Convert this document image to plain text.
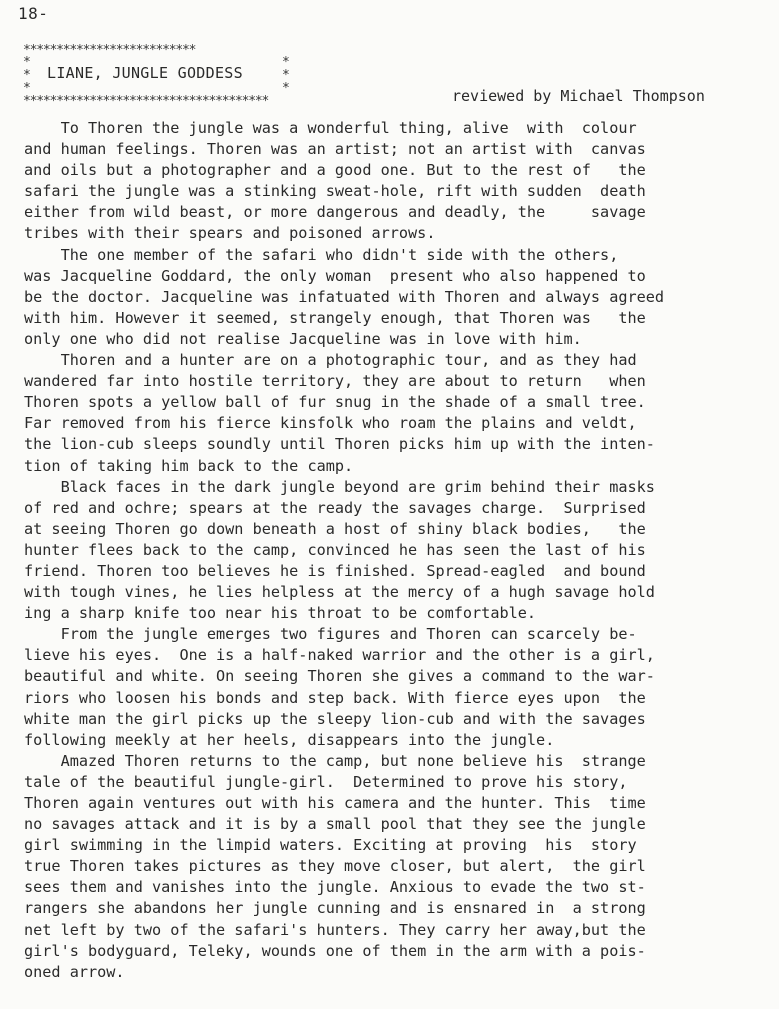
18-
**************************
*
*
*
*
*
*
LIANE, JUNGLE GODDESS
*************************************	reviewed by Michael Thompson
To Thoren the jungle was a wonderful thing, alive  with  colour
and human feelings. Thoren was an artist; not an artist with  canvas
and oils but a photographer and a good one. But to the rest of   the
safari the jungle was a stinking sweat-hole, rift with sudden  death
either from wild beast, or more dangerous and deadly, the     savage
tribes with their spears and poisoned arrows.
The one member of the safari who didn't side with the others,
was Jacqueline Goddard, the only woman  present who also happened to
be the doctor. Jacqueline was infatuated with Thoren and always agreed
with him. However it seemed, strangely enough, that Thoren was   the
only one who did not realise Jacqueline was in love with him.
Thoren and a hunter are on a photographic tour, and as they had
wandered far into hostile territory, they are about to return   when
Thoren spots a yellow ball of fur snug in the shade of a small tree.
Far removed from his fierce kinsfolk who roam the plains and veldt,
the lion-cub sleeps soundly until Thoren picks him up with the inten-
tion of taking him back to the camp.
Black faces in the dark jungle beyond are grim behind their masks
of red and ochre; spears at the ready the savages charge.  Surprised
at seeing Thoren go down beneath a host of shiny black bodies,   the
hunter flees back to the camp, convinced he has seen the last of his
friend. Thoren too believes he is finished. Spread-eagled  and bound
with tough vines, he lies helpless at the mercy of a hugh savage hold
ing a sharp knife too near his throat to be comfortable.
From the jungle emerges two figures and Thoren can scarcely be-
lieve his eyes.  One is a half-naked warrior and the other is a girl,
beautiful and white. On seeing Thoren she gives a command to the war-
riors who loosen his bonds and step back. With fierce eyes upon  the
white man the girl picks up the sleepy lion-cub and with the savages
following meekly at her heels, disappears into the jungle.
Amazed Thoren returns to the camp, but none believe his  strange
tale of the beautiful jungle-girl.  Determined to prove his story,
Thoren again ventures out with his camera and the hunter. This  time
no savages attack and it is by a small pool that they see the jungle
girl swimming in the limpid waters. Exciting at proving  his  story
true Thoren takes pictures as they move closer, but alert,  the girl
sees them and vanishes into the jungle. Anxious to evade the two st-
rangers she abandons her jungle cunning and is ensnared in  a strong
net left by two of the safari's hunters. They carry her away,but the
girl's bodyguard, Teleky, wounds one of them in the arm with a pois-
oned arrow.
